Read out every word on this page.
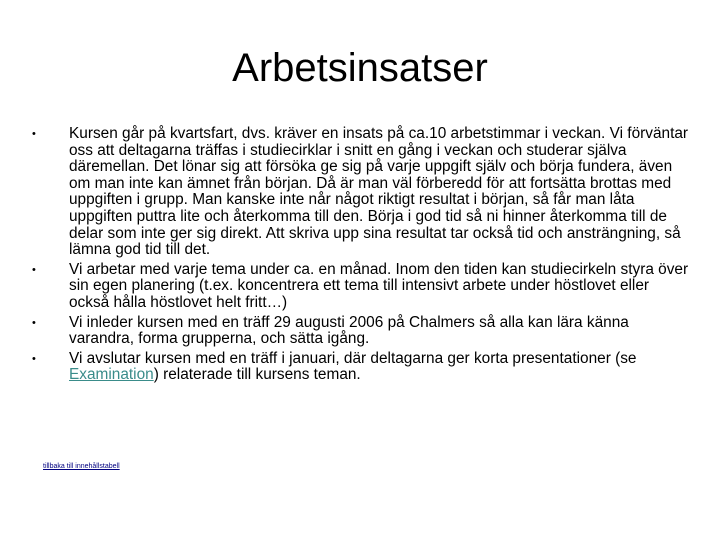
Arbetsinsatser
• Kursen går på kvartsfart, dvs. kräver en insats på ca.10 arbetstimmar i veckan. Vi förväntar oss att deltagarna träffas i studiecirklar i snitt en gång i veckan och studerar själva däremellan. Det lönar sig att försöka ge sig på varje uppgift själv och börja fundera, även om man inte kan ämnet från början. Då är man väl förberedd för att fortsätta brottas med uppgiften i grupp. Man kanske inte når något riktigt resultat i början, så får man låta uppgiften puttra lite och återkomma till den. Börja i god tid så ni hinner återkomma till de delar som inte ger sig direkt. Att skriva upp sina resultat tar också tid och ansträngning, så lämna god tid till det.
• Vi arbetar med varje tema under ca. en månad. Inom den tiden kan studiecirkeln styra över sin egen planering (t.ex. koncentrera ett tema till intensivt arbete under höstlovet eller också hålla höstlovet helt fritt…)
• Vi inleder kursen med en träff 29 augusti 2006 på Chalmers så alla kan lära känna varandra, forma grupperna, och sätta igång.
• Vi avslutar kursen med en träff i januari, där deltagarna ger korta presentationer (se Examination) relaterade till kursens teman.
tillbaka till innehållstabell
